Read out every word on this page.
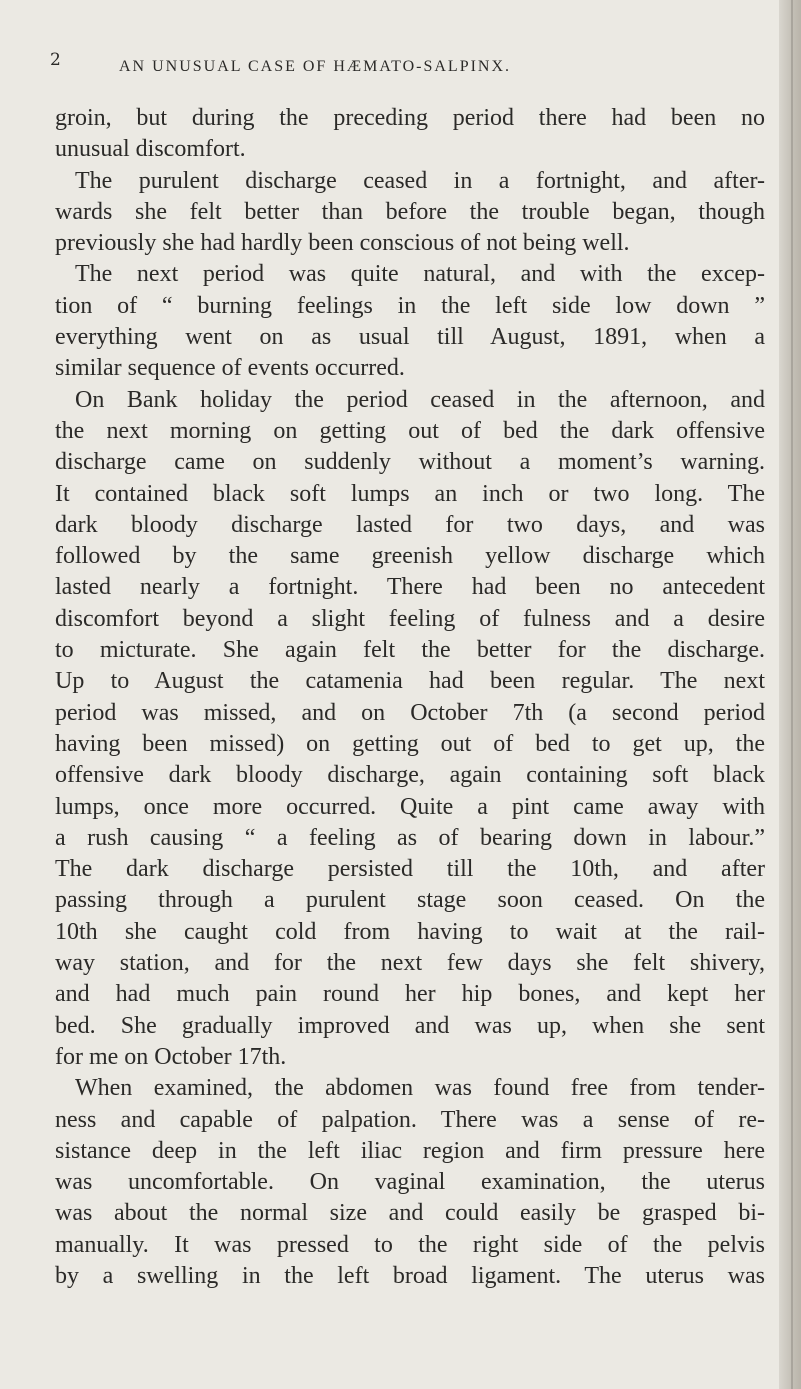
2	AN UNUSUAL CASE OF HÆMATO-SALPINX.
groin, but during the preceding period there had been no
unusual discomfort.
The purulent discharge ceased in a fortnight, and after-
wards she felt better than before the trouble began, though
previously she had hardly been conscious of not being well.
The next period was quite natural, and with the excep-
tion of “ burning feelings in the left side low down ”
everything went on as usual till August, 1891, when a
similar sequence of events occurred.
On Bank holiday the period ceased in the afternoon, and
the next morning on getting out of bed the dark offensive
discharge came on suddenly without a moment’s warning.
It contained black soft lumps an inch or two long. The
dark bloody discharge lasted for two days, and was
followed by the same greenish yellow discharge which
lasted nearly a fortnight. There had been no antecedent
discomfort beyond a slight feeling of fulness and a desire
to micturate. She again felt the better for the discharge.
Up to August the catamenia had been regular. The next
period was missed, and on October 7th (a second period
having been missed) on getting out of bed to get up, the
offensive dark bloody discharge, again containing soft black
lumps, once more occurred. Quite a pint came away with
a rush causing “ a feeling as of bearing down in labour.”
The dark discharge persisted till the 10th, and after
passing through a purulent stage soon ceased. On the
10th she caught cold from having to wait at the rail-
way station, and for the next few days she felt shivery,
and had much pain round her hip bones, and kept her
bed. She gradually improved and was up, when she sent
for me on October 17th.
When examined, the abdomen was found free from tender-
ness and capable of palpation. There was a sense of re-
sistance deep in the left iliac region and firm pressure here
was uncomfortable. On vaginal examination, the uterus
was about the normal size and could easily be grasped bi-
manually. It was pressed to the right side of the pelvis
by a swelling in the left broad ligament. The uterus was
